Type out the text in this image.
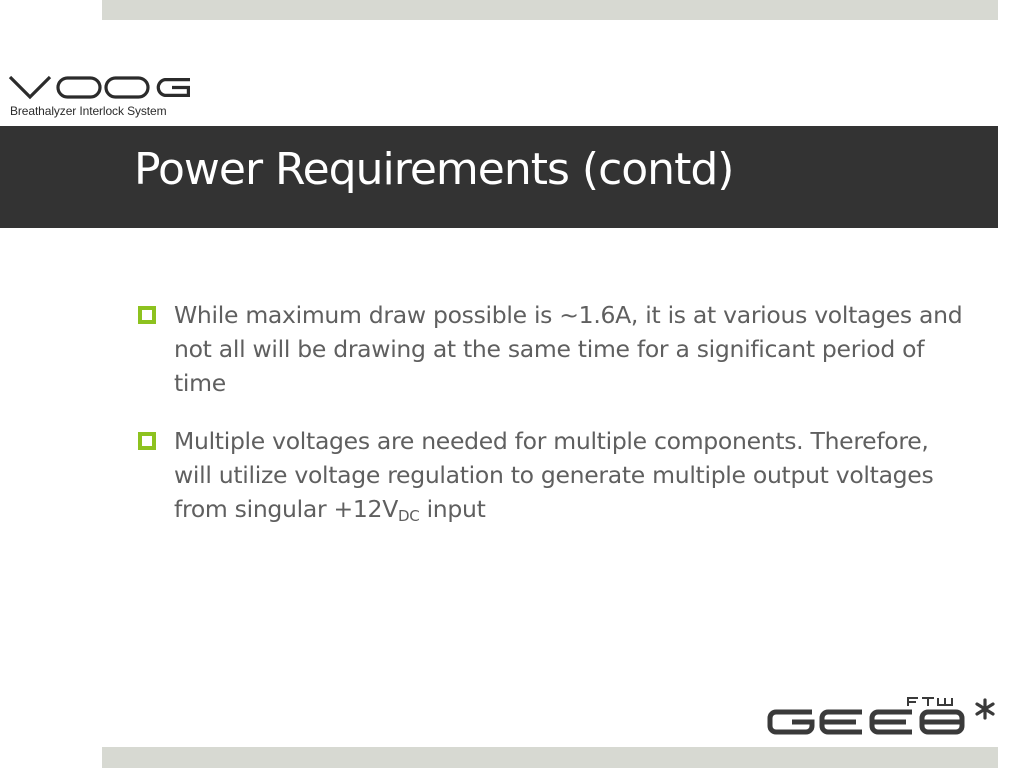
Breathalyzer Interlock System
Power Requirements (contd)
While maximum draw possible is ~1.6A, it is at various voltages and not all will be drawing at the same time for a significant period of time
Multiple voltages are needed for multiple components. Therefore, will utilize voltage regulation to generate multiple output voltages from singular $+12V_{DC}$ input
